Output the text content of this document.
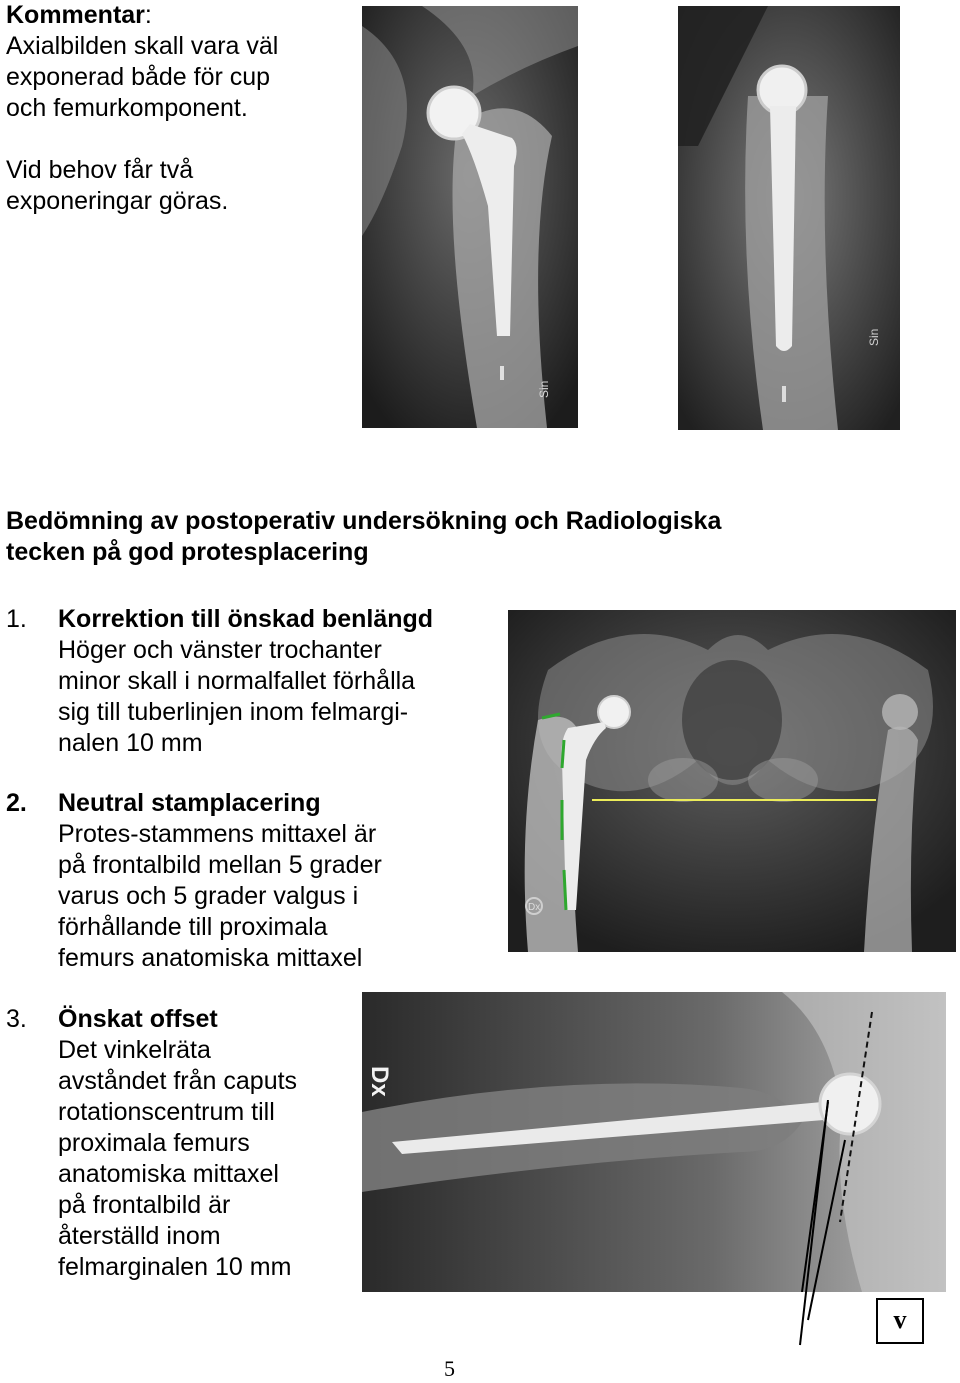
Kommentar:
Axialbilden skall vara väl
exponerad både för cup
och femurkomponent.
Vid behov får två
exponeringar göras.
Sin
Sin
Bedömning av postoperativ undersökning och Radiologiska
tecken på god protesplacering
1. Korrektion till önskad benlängd
Höger och vänster trochanter
minor skall i normalfallet förhålla
sig till tuberlinjen inom felmargi-
nalen 10 mm
2. Neutral stamplacering
Protes-stammens mittaxel är
på frontalbild mellan 5 grader
varus och 5 grader valgus i
förhållande till proximala
femurs anatomiska mittaxel
Dx
3. Önskat offset
Det vinkelräta
avståndet från caputs
rotationscentrum till
proximala femurs
anatomiska mittaxel
på frontalbild är
återställd inom
felmarginalen 10 mm
Dx
v
5
